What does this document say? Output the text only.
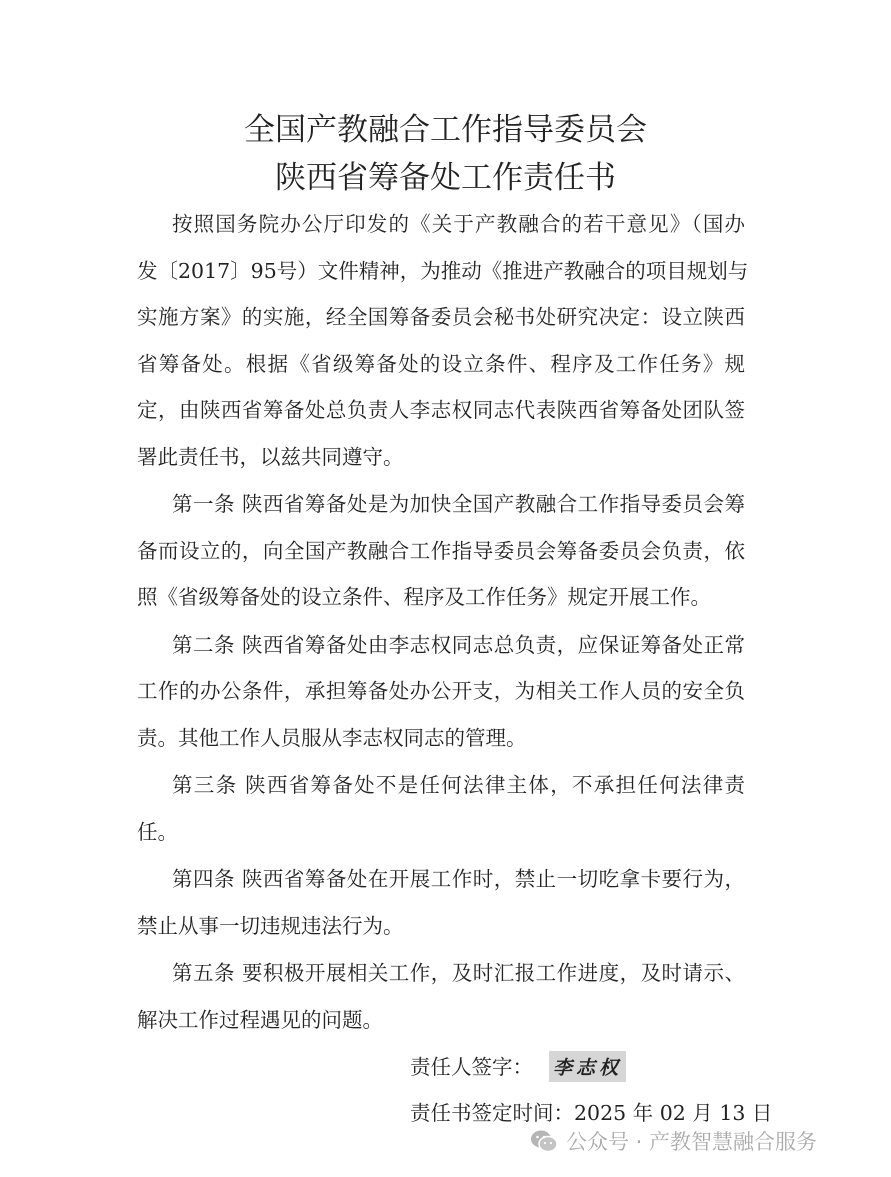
全国产教融合工作指导委员会
陕西省筹备处工作责任书
按照国务院办公厅印发的《关于产教融合的若干意见》（国办
发〔2017〕95号）文件精神，为推动《推进产教融合的项目规划与
实施方案》的实施，经全国筹备委员会秘书处研究决定：设立陕西
省筹备处。根据《省级筹备处的设立条件、程序及工作任务》规
定，由陕西省筹备处总负责人李志权同志代表陕西省筹备处团队签
署此责任书，以兹共同遵守。
第一条 陕西省筹备处是为加快全国产教融合工作指导委员会筹
备而设立的，向全国产教融合工作指导委员会筹备委员会负责，依
照《省级筹备处的设立条件、程序及工作任务》规定开展工作。
第二条 陕西省筹备处由李志权同志总负责，应保证筹备处正常
工作的办公条件，承担筹备处办公开支，为相关工作人员的安全负
责。其他工作人员服从李志权同志的管理。
第三条 陕西省筹备处不是任何法律主体，不承担任何法律责
任。
第四条 陕西省筹备处在开展工作时，禁止一切吃拿卡要行为，
禁止从事一切违规违法行为。
第五条 要积极开展相关工作，及时汇报工作进度，及时请示、
解决工作过程遇见的问题。
责任人签字： 李志权
责任书签定时间：2025 年 02 月 13 日
公众号 · 产教智慧融合服务
